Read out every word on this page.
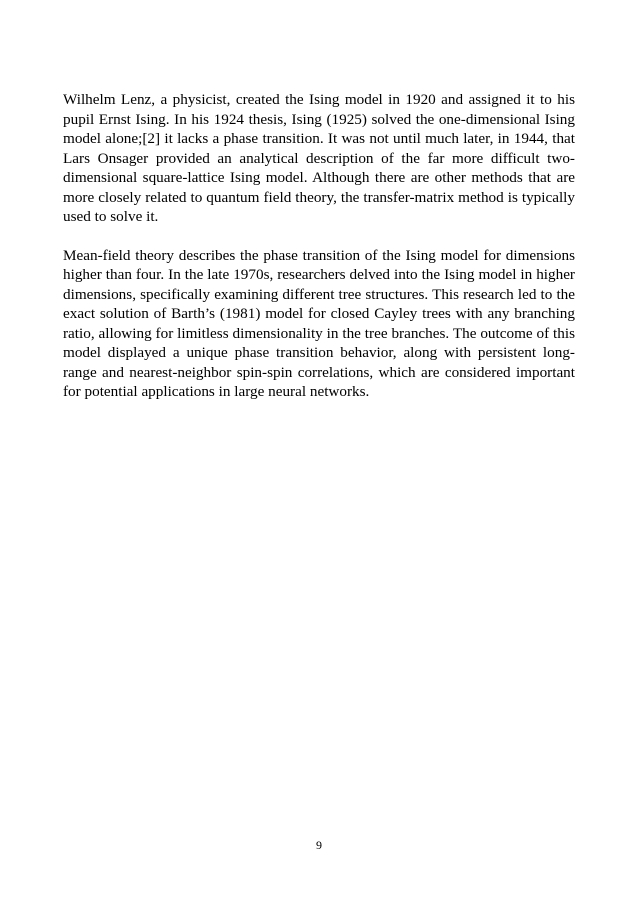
Wilhelm Lenz, a physicist, created the Ising model in 1920 and assigned it to his pupil Ernst Ising. In his 1924 thesis, Ising (1925) solved the one-dimensional Ising model alone;[2] it lacks a phase transition. It was not until much later, in 1944, that Lars Onsager provided an analytical description of the far more difficult two-dimensional square-lattice Ising model. Although there are other methods that are more closely related to quantum field theory, the transfer-matrix method is typically used to solve it.

Mean-field theory describes the phase transition of the Ising model for dimensions higher than four. In the late 1970s, researchers delved into the Ising model in higher dimensions, specifically examining different tree structures. This research led to the exact solution of Barth’s (1981) model for closed Cayley trees with any branching ratio, allowing for limitless dimensionality in the tree branches. The outcome of this model displayed a unique phase transition behavior, along with persistent long-range and nearest-neighbor spin-spin correlations, which are considered important for potential applications in large neural networks.

9
